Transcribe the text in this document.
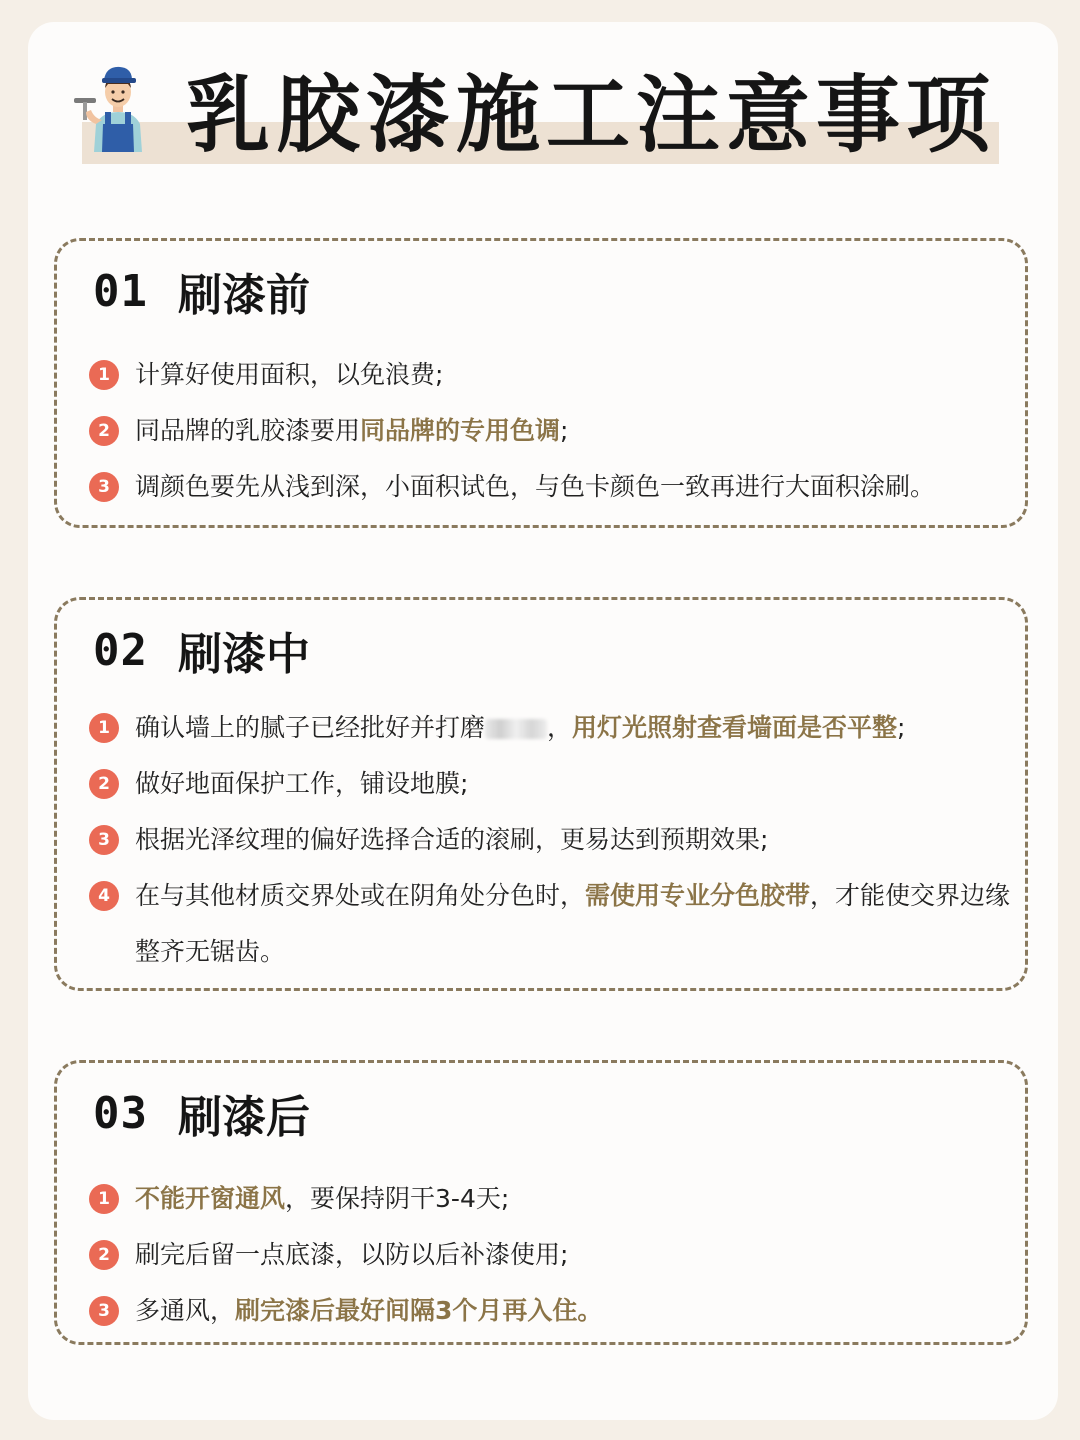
乳胶漆施工注意事项
01 刷漆前
1	计算好使用面积，以免浪费;
2	同品牌的乳胶漆要用同品牌的专用色调;
3	调颜色要先从浅到深，小面积试色，与色卡颜色一致再进行大面积涂刷。
02 刷漆中
1	确认墙上的腻子已经批好并打磨 ，用灯光照射查看墙面是否平整;
2	做好地面保护工作，铺设地膜;
3	根据光泽纹理的偏好选择合适的滚刷，更易达到预期效果;
4	在与其他材质交界处或在阴角处分色时，需使用专业分色胶带，才能使交界边缘整齐无锯齿。
03 刷漆后
1	不能开窗通风，要保持阴干3-4天;
2	刷完后留一点底漆，以防以后补漆使用;
3	多通风，刷完漆后最好间隔3个月再入住。
